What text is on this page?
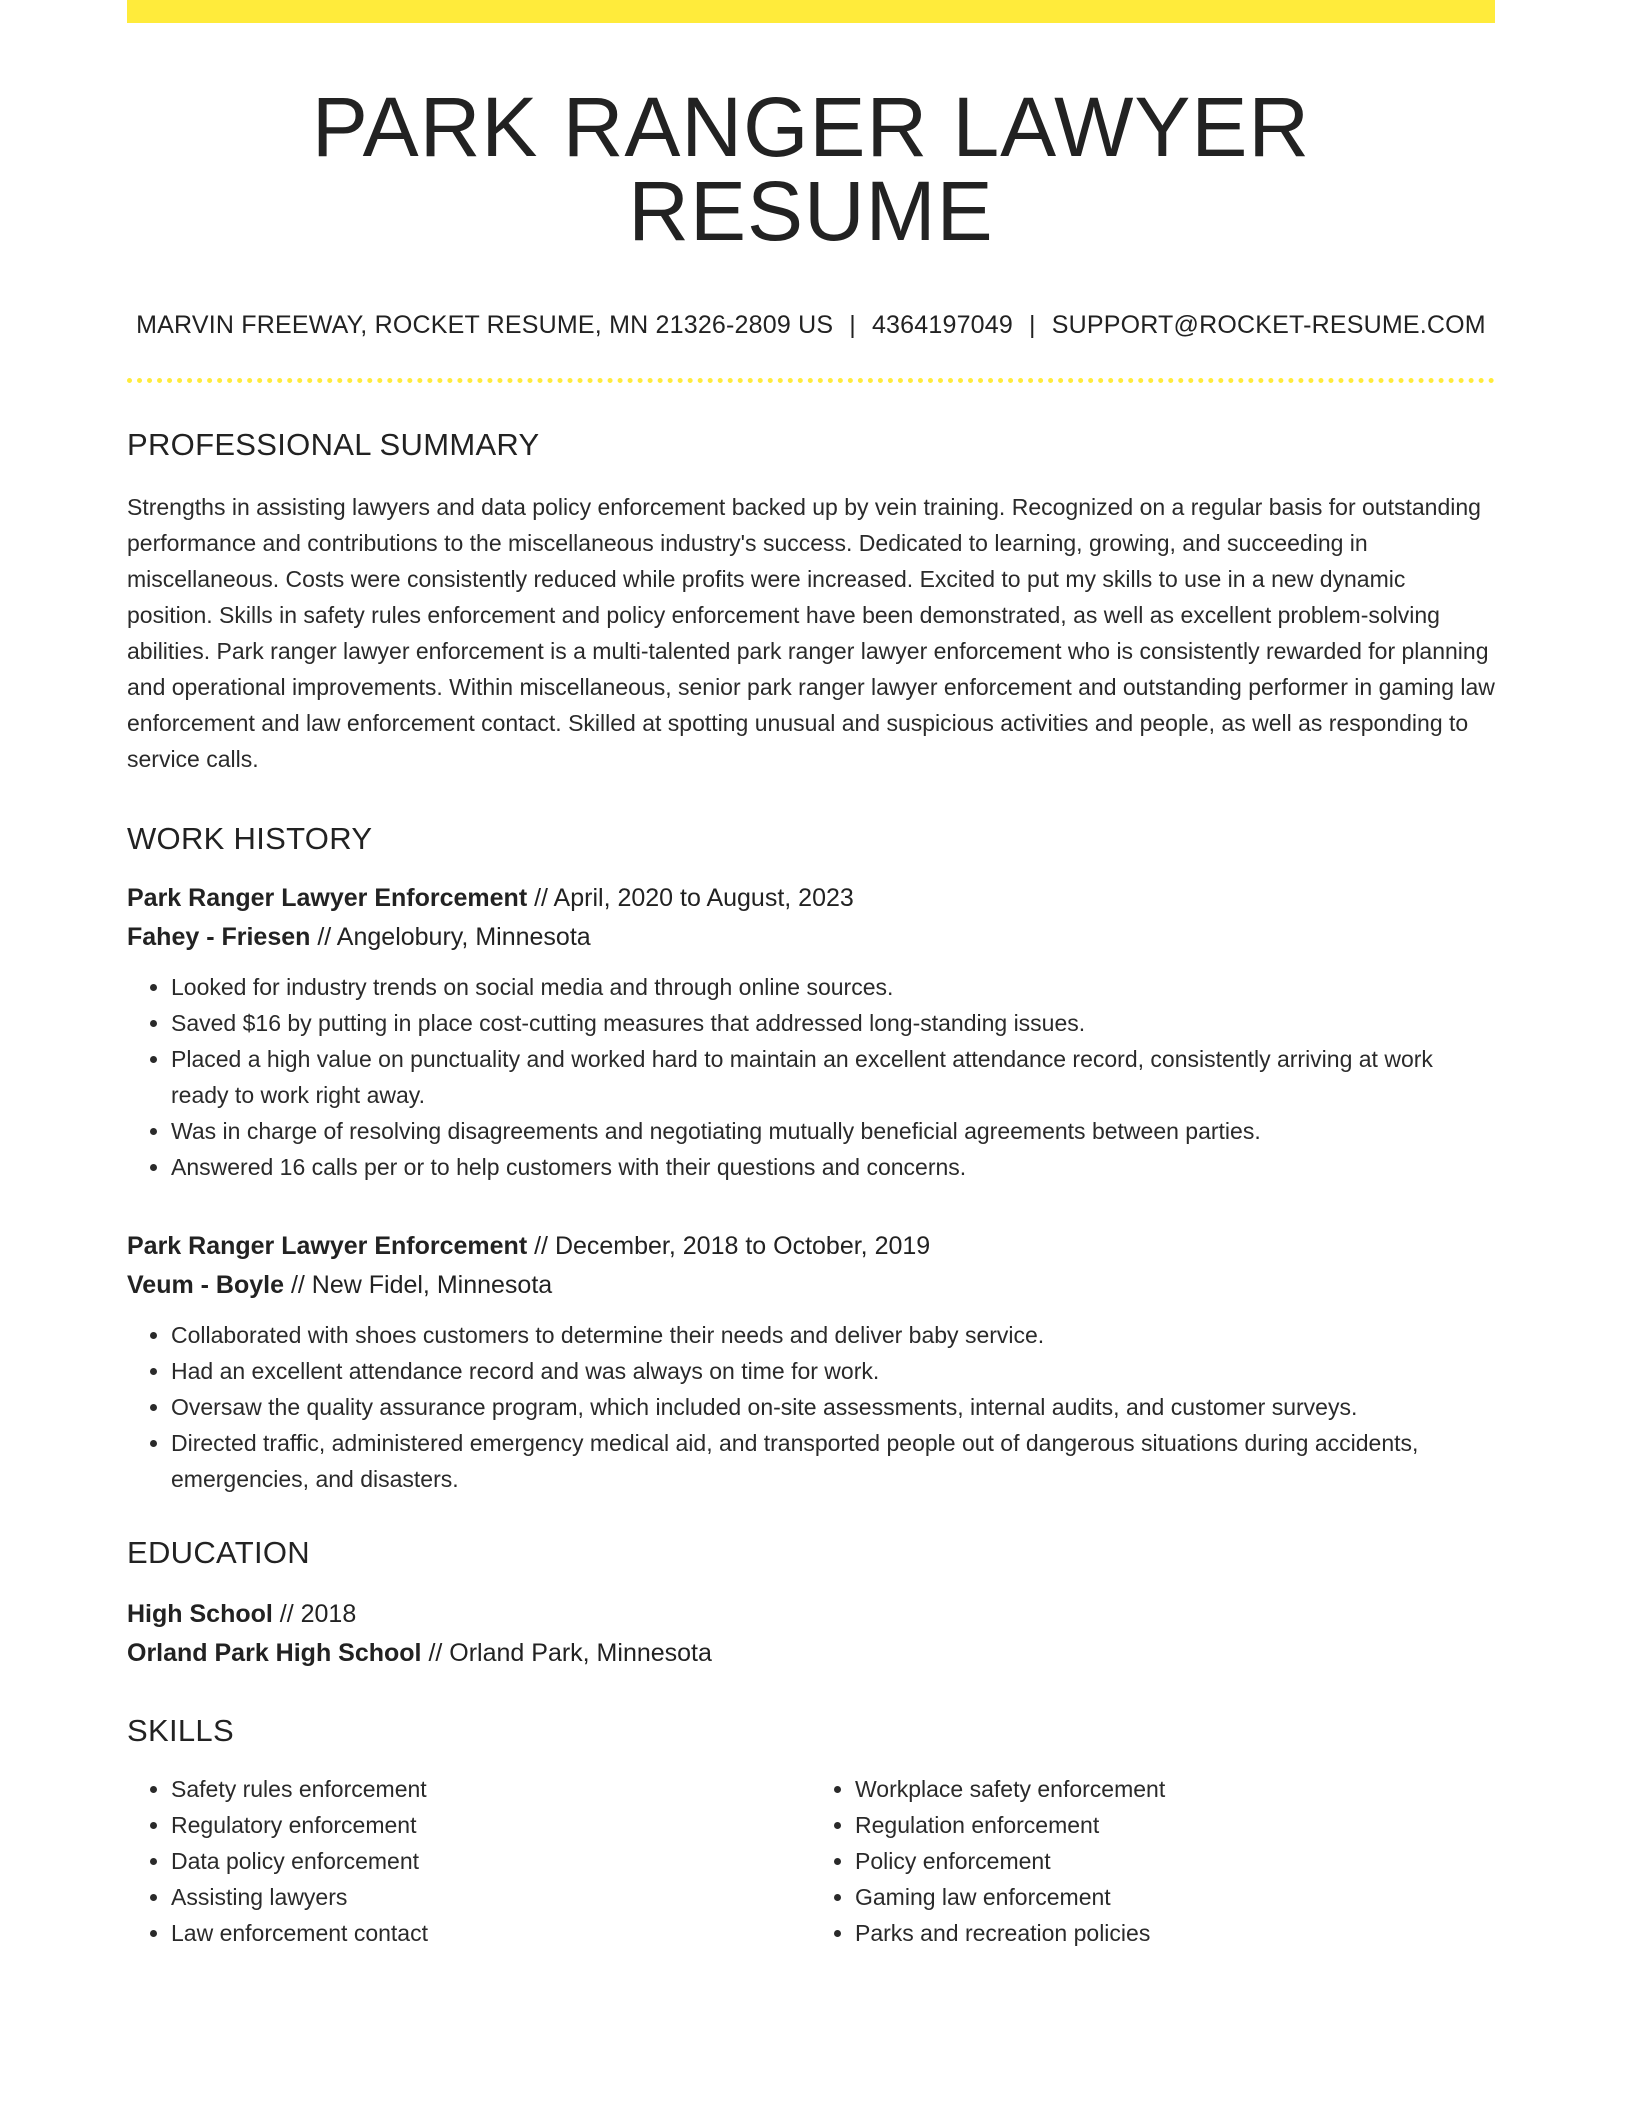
PARK RANGER LAWYER RESUME
MARVIN FREEWAY, ROCKET RESUME, MN 21326-2809 US | 4364197049 | SUPPORT@ROCKET-RESUME.COM
PROFESSIONAL SUMMARY
Strengths in assisting lawyers and data policy enforcement backed up by vein training. Recognized on a regular basis for outstanding performance and contributions to the miscellaneous industry's success. Dedicated to learning, growing, and succeeding in miscellaneous. Costs were consistently reduced while profits were increased. Excited to put my skills to use in a new dynamic position. Skills in safety rules enforcement and policy enforcement have been demonstrated, as well as excellent problem-solving abilities. Park ranger lawyer enforcement is a multi-talented park ranger lawyer enforcement who is consistently rewarded for planning and operational improvements. Within miscellaneous, senior park ranger lawyer enforcement and outstanding performer in gaming law enforcement and law enforcement contact. Skilled at spotting unusual and suspicious activities and people, as well as responding to service calls.
WORK HISTORY
Park Ranger Lawyer Enforcement // April, 2020 to August, 2023
Fahey - Friesen // Angelobury, Minnesota
• Looked for industry trends on social media and through online sources.
• Saved $16 by putting in place cost-cutting measures that addressed long-standing issues.
• Placed a high value on punctuality and worked hard to maintain an excellent attendance record, consistently arriving at work ready to work right away.
• Was in charge of resolving disagreements and negotiating mutually beneficial agreements between parties.
• Answered 16 calls per or to help customers with their questions and concerns.
Park Ranger Lawyer Enforcement // December, 2018 to October, 2019
Veum - Boyle // New Fidel, Minnesota
• Collaborated with shoes customers to determine their needs and deliver baby service.
• Had an excellent attendance record and was always on time for work.
• Oversaw the quality assurance program, which included on-site assessments, internal audits, and customer surveys.
• Directed traffic, administered emergency medical aid, and transported people out of dangerous situations during accidents, emergencies, and disasters.
EDUCATION
High School // 2018
Orland Park High School // Orland Park, Minnesota
SKILLS
• Safety rules enforcement
• Regulatory enforcement
• Data policy enforcement
• Assisting lawyers
• Law enforcement contact
• Workplace safety enforcement
• Regulation enforcement
• Policy enforcement
• Gaming law enforcement
• Parks and recreation policies
